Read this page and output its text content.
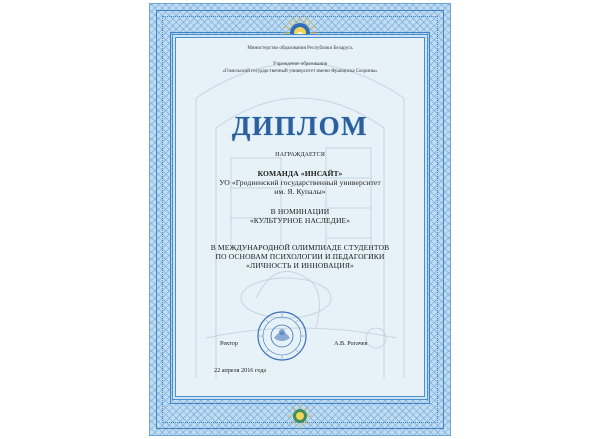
Министерство образования Республики Беларусь
Учреждение образования
«Гомельский государственный университет имени Франциска Скорины»
ДИПЛОМ
НАГРАЖДАЕТСЯ
КОМАНДА «ИНСАЙТ»
УО «Гродненский государственный университет
им. Я. Купалы»
В НОМИНАЦИИ
«КУЛЬТУРНОЕ НАСЛЕДИЕ»
В МЕЖДУНАРОДНОЙ ОЛИМПИАДЕ СТУДЕНТОВ
ПО ОСНОВАМ ПСИХОЛОГИИ И ПЕДАГОГИКИ
«ЛИЧНОСТЬ И ИННОВАЦИЯ»
Ректор	А.В. Рогачев
22 апреля 2016 года
